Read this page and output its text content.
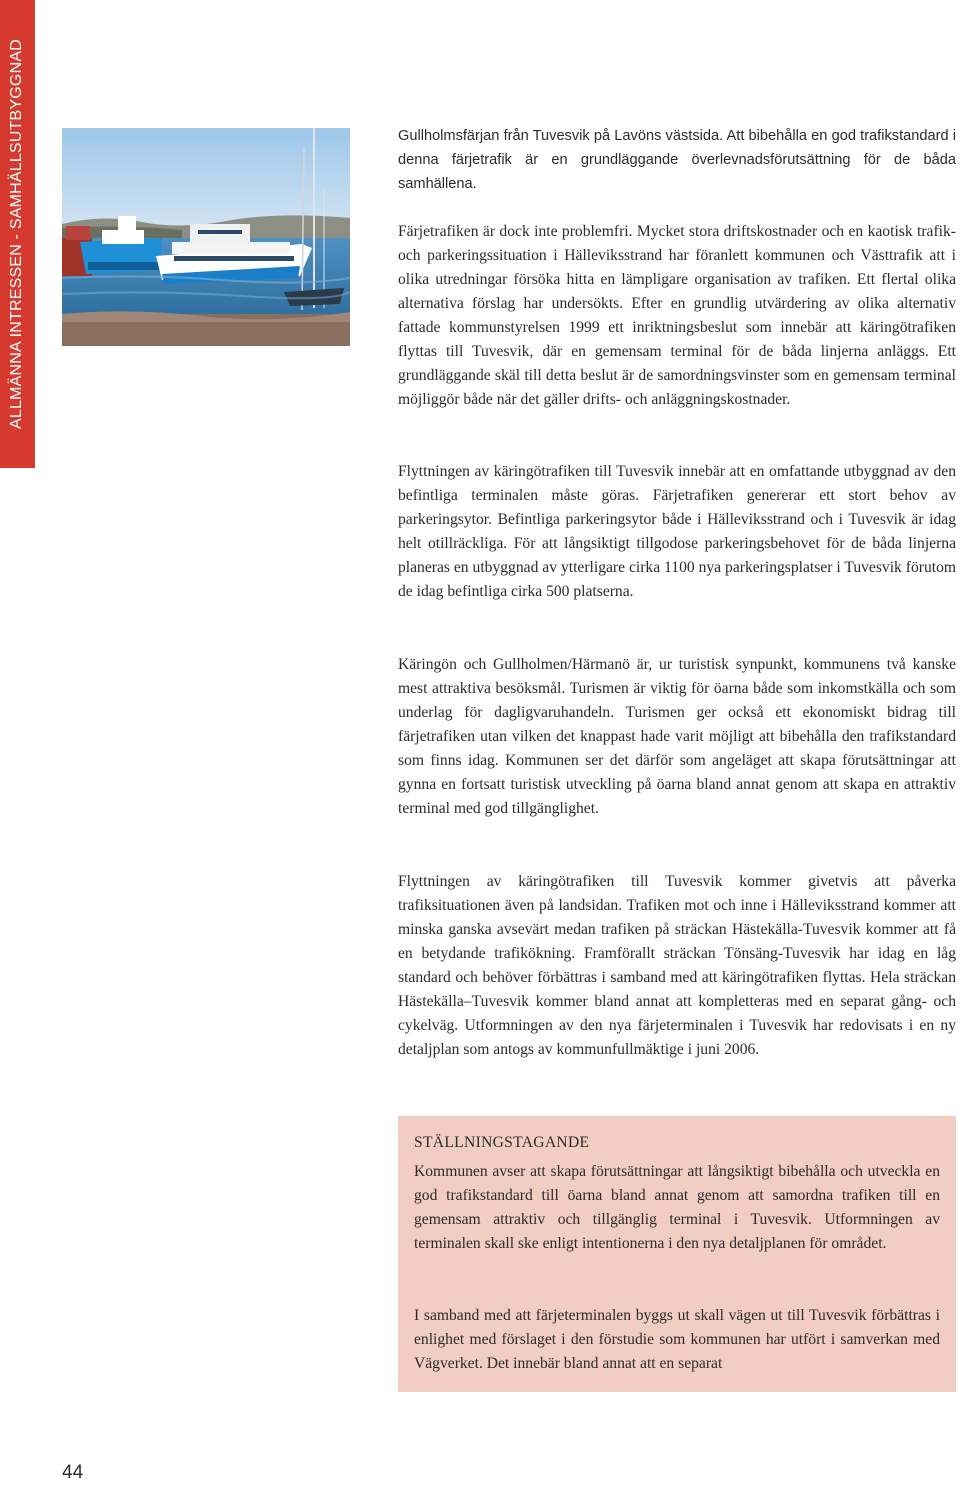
ALLMÄNNA INTRESSEN - SAMHÄLLSUTBYGGNAD	Gullholmsfärjan från Tuvesvik på Lavöns västsida. Att bibehålla en god trafikstandard i denna färjetrafik är en grundläggande överlevnadsförutsättning för de båda samhällena.

Färjetrafiken är dock inte problemfri. Mycket stora driftskostnader och en kaotisk trafik- och parkeringssituation i Hälleviksstrand har föranlett kommunen och Västtrafik att i olika utredningar försöka hitta en lämpligare organisation av trafiken. Ett flertal olika alternativa förslag har undersökts. Efter en grundlig utvärdering av olika alternativ fattade kommunstyrelsen 1999 ett inriktningsbeslut som innebär att käringötrafiken flyttas till Tuvesvik, där en gemensam terminal för de båda linjerna anläggs. Ett grundläggande skäl till detta beslut är de samordningsvinster som en gemensam terminal möjliggör både när det gäller drifts- och anläggningskostnader.

Flyttningen av käringötrafiken till Tuvesvik innebär att en omfattande utbyggnad av den befintliga terminalen måste göras. Färjetrafiken genererar ett stort behov av parkeringsytor. Befintliga parkeringsytor både i Hälleviksstrand och i Tuvesvik är idag helt otillräckliga. För att långsiktigt tillgodose parkeringsbehovet för de båda linjerna planeras en utbyggnad av ytterligare cirka 1100 nya parkeringsplatser i Tuvesvik förutom de idag befintliga cirka 500 platserna.

Käringön och Gullholmen/Härmanö är, ur turistisk synpunkt, kommunens två kanske mest attraktiva besöksmål. Turismen är viktig för öarna både som inkomstkälla och som underlag för dagligvaruhandeln. Turismen ger också ett ekonomiskt bidrag till färjetrafiken utan vilken det knappast hade varit möjligt att bibehålla den trafikstandard som finns idag. Kommunen ser det därför som angeläget att skapa förutsättningar att gynna en fortsatt turistisk utveckling på öarna bland annat genom att skapa en attraktiv terminal med god tillgänglighet.

Flyttningen av käringötrafiken till Tuvesvik kommer givetvis att påverka trafiksituationen även på landsidan. Trafiken mot och inne i Hälleviksstrand kommer att minska ganska avsevärt medan trafiken på sträckan Hästekälla-Tuvesvik kommer att få en betydande trafikökning. Framförallt sträckan Tönsäng-Tuvesvik har idag en låg standard och behöver förbättras i samband med att käringötrafiken flyttas. Hela sträckan Hästekälla–Tuvesvik kommer bland annat att kompletteras med en separat gång- och cykelväg. Utformningen av den nya färjeterminalen i Tuvesvik har redovisats i en ny detaljplan som antogs av kommunfullmäktige i juni 2006.

STÄLLNINGSTAGANDE

Kommunen avser att skapa förutsättningar att långsiktigt bibehålla och utveckla en god trafikstandard till öarna bland annat genom att samordna trafiken till en gemensam attraktiv och tillgänglig terminal i Tuvesvik. Utformningen av terminalen skall ske enligt intentionerna i den nya detaljplanen för området.

I samband med att färjeterminalen byggs ut skall vägen ut till Tuvesvik förbättras i enlighet med förslaget i den förstudie som kommunen har utfört i samverkan med Vägverket. Det innebär bland annat att en separat

44
